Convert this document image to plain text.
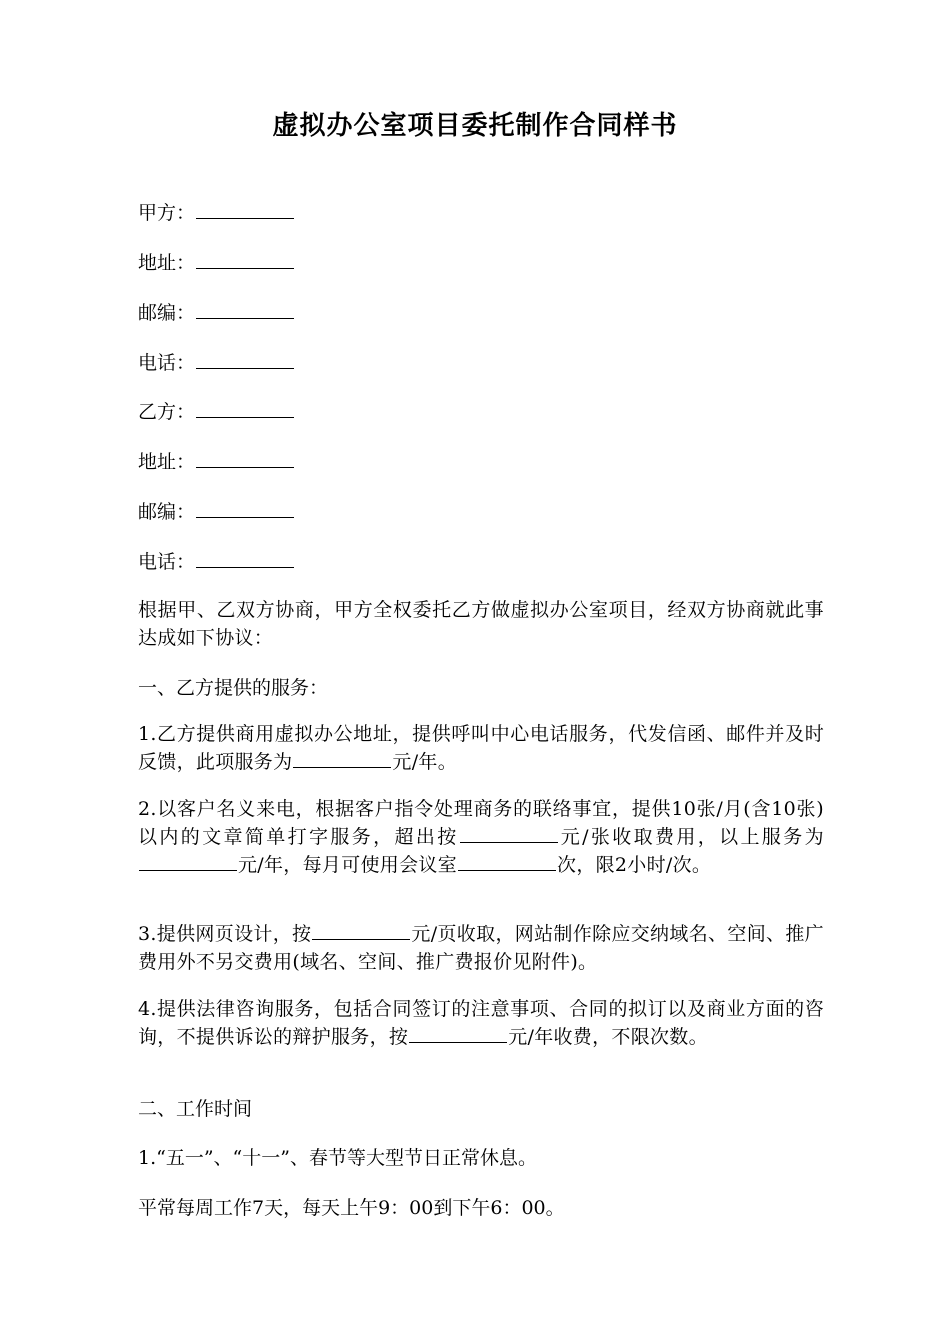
虚拟办公室项目委托制作合同样书
甲方：
地址：
邮编：
电话：
乙方：
地址：
邮编：
电话：
根据甲、乙双方协商，甲方全权委托乙方做虚拟办公室项目，经双方协商就此事达成如下协议：
一、乙方提供的服务：
1.乙方提供商用虚拟办公地址，提供呼叫中心电话服务，代发信函、邮件并及时反馈，此项服务为	元/年。
2.以客户名义来电，根据客户指令处理商务的联络事宜，提供10张/月(含10张)以内的文章简单打字服务，超出按	元/张收取费用，以上服务为元/年，每月可使用会议室	次，限2小时/次。
3.提供网页设计，按	元/页收取，网站制作除应交纳域名、空间、推广费用外不另交费用(域名、空间、推广费报价见附件)。
4.提供法律咨询服务，包括合同签订的注意事项、合同的拟订以及商业方面的咨询，不提供诉讼的辩护服务，按	元/年收费，不限次数。
二、工作时间
1.“五一”、“十一”、春节等大型节日正常休息。
平常每周工作7天，每天上午9：00到下午6：00。
